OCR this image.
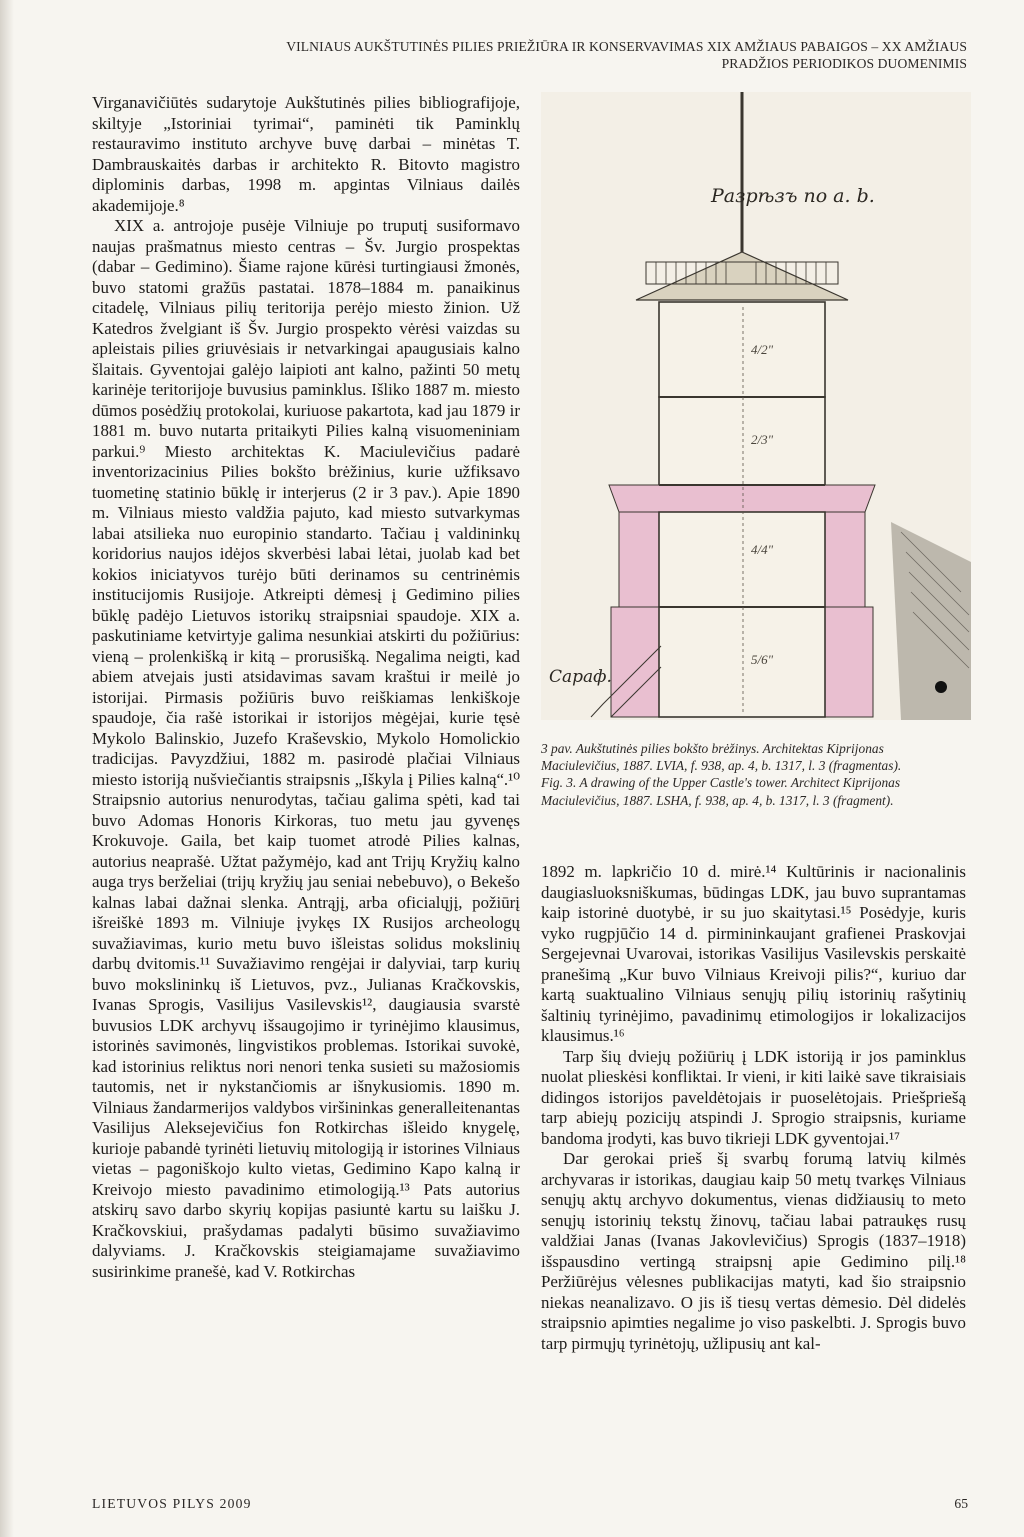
VILNIAUS AUKŠTUTINĖS PILIES PRIEŽIŪRA IR KONSERVAVIMAS XIX AMŽIAUS PABAIGOS – XX AMŽIAUS
PRADŽIOS PERIODIKOS DUOMENIMIS

Virganavičiūtės sudarytoje Aukštutinės pilies bibliografijoje, skiltyje „Istoriniai tyrimai“, paminėti tik Paminklų restauravimo instituto archyve buvę darbai – minėtas T. Dambrauskaitės darbas ir architekto R. Bitovto magistro diplominis darbas, 1998 m. apgintas Vilniaus dailės akademijoje.⁸

XIX a. antrojoje pusėje Vilniuje po truputį susiformavo naujas prašmatnus miesto centras – Šv. Jurgio prospektas (dabar – Gedimino). Šiame rajone kūrėsi turtingiausi žmonės, buvo statomi gražūs pastatai. 1878–1884 m. panaikinus citadelę, Vilniaus pilių teritorija perėjo miesto žinion. Už Katedros žvelgiant iš Šv. Jurgio prospekto vėrėsi vaizdas su apleistais pilies griuvėsiais ir netvarkingai apaugusiais kalno šlaitais. Gyventojai galėjo laipioti ant kalno, pažinti 50 metų karinėje teritorijoje buvusius paminklus. Išliko 1887 m. miesto dūmos posėdžių protokolai, kuriuose pakartota, kad jau 1879 ir 1881 m. buvo nutarta pritaikyti Pilies kalną visuomeniniam parkui.⁹ Miesto architektas K. Maciulevičius padarė inventorizacinius Pilies bokšto brėžinius, kurie užfiksavo tuometinę statinio būklę ir interjerus (2 ir 3 pav.). Apie 1890 m. Vilniaus miesto valdžia pajuto, kad miesto sutvarkymas labai atsilieka nuo europinio standarto. Tačiau į valdininkų koridorius naujos idėjos skverbėsi labai lėtai, juolab kad bet kokios iniciatyvos turėjo būti derinamos su centrinėmis institucijomis Rusijoje. Atkreipti dėmesį į Gedimino pilies būklę padėjo Lietuvos istorikų straipsniai spaudoje. XIX a. paskutiniame ketvirtyje galima nesunkiai atskirti du požiūrius: vieną – prolenkišką ir kitą – prorusišką. Negalima neigti, kad abiem atvejais justi atsidavimas savam kraštui ir meilė jo istorijai. Pirmasis požiūris buvo reiškiamas lenkiškoje spaudoje, čia rašė istorikai ir istorijos mėgėjai, kurie tęsė Mykolo Balinskio, Juzefo Kraševskio, Mykolo Homolickio tradicijas. Pavyzdžiui, 1882 m. pasirodė plačiai Vilniaus miesto istoriją nušviečiantis straipsnis „Iškyla į Pilies kalną“.¹⁰ Straipsnio autorius nenurodytas, tačiau galima spėti, kad tai buvo Adomas Honoris Kirkoras, tuo metu jau gyvenęs Krokuvoje. Gaila, bet kaip tuomet atrodė Pilies kalnas, autorius neaprašė. Užtat pažymėjo, kad ant Trijų Kryžių kalno auga trys berželiai (trijų kryžių jau seniai nebebuvo), o Bekešo kalnas labai dažnai slenka. Antrąjį, arba oficialųjį, požiūrį išreiškė 1893 m. Vilniuje įvykęs IX Rusijos archeologų suvažiavimas, kurio metu buvo išleistas solidus mokslinių darbų dvitomis.¹¹ Suvažiavimo rengėjai ir dalyviai, tarp kurių buvo mokslininkų iš Lietuvos, pvz., Julianas Kračkovskis, Ivanas Sprogis, Vasilijus Vasilevskis¹², daugiausia svarstė buvusios LDK archyvų išsaugojimo ir tyrinėjimo klausimus, istorinės savimonės, lingvistikos problemas. Istorikai suvokė, kad istorinius reliktus nori nenori tenka susieti su mažosiomis tautomis, net ir nykstančiomis ar išnykusiomis. 1890 m. Vilniaus žandarmerijos valdybos viršininkas generalleitenantas Vasilijus Aleksejevičius fon Rotkirchas išleido knygelę, kurioje pabandė tyrinėti lietuvių mitologiją ir istorines Vilniaus vietas – pagoniškojo kulto vietas, Gedimino Kapo kalną ir Kreivojo miesto pavadinimo etimologiją.¹³ Pats autorius atskirų savo darbo skyrių kopijas pasiuntė kartu su laišku J. Kračkovskiui, prašydamas padalyti būsimo suvažiavimo dalyviams. J. Kračkovskis steigiamajame suvažiavimo susirinkime pranešė, kad V. Rotkirchas

4/2"
2/3"
4/4"
5/6"
Разрѣзъ по a. b.
Сараф.
3 pav. Aukštutinės pilies bokšto brėžinys. Architektas Kiprijonas
Maciulevičius, 1887. LVIA, f. 938, ap. 4, b. 1317, l. 3 (fragmentas).
Fig. 3. A drawing of the Upper Castle's tower. Architect Kiprijonas
Maciulevičius, 1887. LSHA, f. 938, ap. 4, b. 1317, l. 3 (fragment).

1892 m. lapkričio 10 d. mirė.¹⁴ Kultūrinis ir nacionalinis daugiasluoksniškumas, būdingas LDK, jau buvo suprantamas kaip istorinė duotybė, ir su juo skaitytasi.¹⁵ Posėdyje, kuris vyko rugpjūčio 14 d. pirmininkaujant grafienei Praskovjai Sergejevnai Uvarovai, istorikas Vasilijus Vasilevskis perskaitė pranešimą „Kur buvo Vilniaus Kreivoji pilis?“, kuriuo dar kartą suaktualino Vilniaus senųjų pilių istorinių rašytinių šaltinių tyrinėjimo, pavadinimų etimologijos ir lokalizacijos klausimus.¹⁶

Tarp šių dviejų požiūrių į LDK istoriją ir jos paminklus nuolat plieskėsi konfliktai. Ir vieni, ir kiti laikė save tikraisiais didingos istorijos paveldėtojais ir puoselėtojais. Priešpriešą tarp abiejų pozicijų atspindi J. Sprogio straipsnis, kuriame bandoma įrodyti, kas buvo tikrieji LDK gyventojai.¹⁷

Dar gerokai prieš šį svarbų forumą latvių kilmės archyvaras ir istorikas, daugiau kaip 50 metų tvarkęs Vilniaus senųjų aktų archyvo dokumentus, vienas didžiausių to meto senųjų istorinių tekstų žinovų, tačiau labai patraukęs rusų valdžiai Janas (Ivanas Jakovlevičius) Sprogis (1837–1918) išspausdino vertingą straipsnį apie Gedimino pilį.¹⁸ Peržiūrėjus vėlesnes publikacijas matyti, kad šio straipsnio niekas neanalizavo. O jis iš tiesų vertas dėmesio. Dėl didelės straipsnio apimties negalime jo viso paskelbti. J. Sprogis buvo tarp pirmųjų tyrinėtojų, užlipusių ant kal-

LIETUVOS PILYS 2009	65
